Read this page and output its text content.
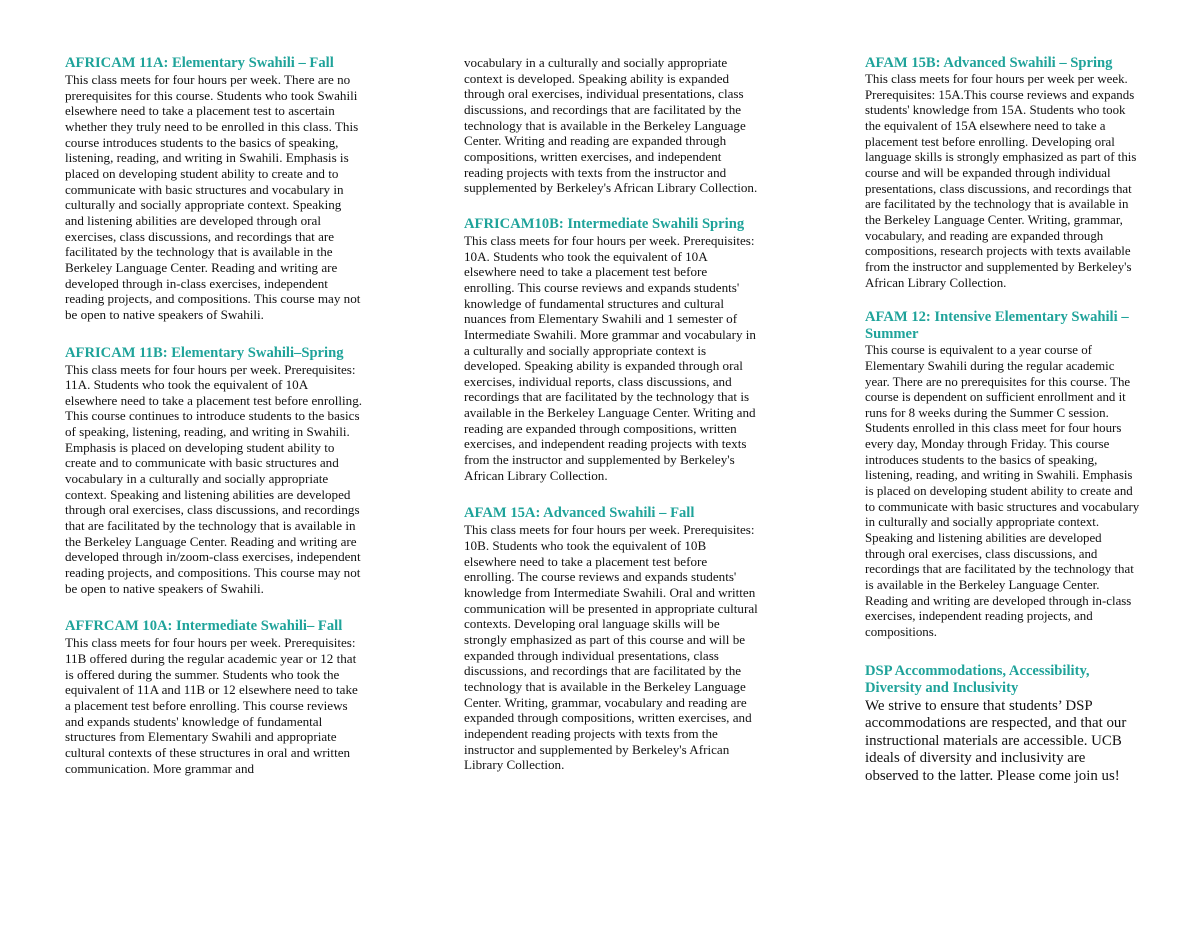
AFRICAM 11A: Elementary Swahili – Fall

This class meets for four hours per week. There are no prerequisites for this course. Students who took Swahili elsewhere need to take a placement test to ascertain whether they truly need to be enrolled in this class. This course introduces students to the basics of speaking, listening, reading, and writing in Swahili. Emphasis is placed on developing student ability to create and to communicate with basic structures and vocabulary in culturally and socially appropriate context. Speaking and listening abilities are developed through oral exercises, class discussions, and recordings that are facilitated by the technology that is available in the Berkeley Language Center. Reading and writing are developed through in-class exercises, independent reading projects, and compositions. This course may not be open to native speakers of Swahili.

AFRICAM 11B: Elementary Swahili–Spring

This class meets for four hours per week. Prerequisites: 11A. Students who took the equivalent of 10A elsewhere need to take a placement test before enrolling. This course continues to introduce students to the basics of speaking, listening, reading, and writing in Swahili. Emphasis is placed on developing student ability to create and to communicate with basic structures and vocabulary in a culturally and socially appropriate context. Speaking and listening abilities are developed through oral exercises, class discussions, and recordings that are facilitated by the technology that is available in the Berkeley Language Center. Reading and writing are developed through in/zoom-class exercises, independent reading projects, and compositions. This course may not be open to native speakers of Swahili.

AFFRCAM 10A: Intermediate Swahili– Fall

This class meets for four hours per week. Prerequisites: 11B offered during the regular academic year or 12 that is offered during the summer. Students who took the equivalent of 11A and 11B or 12 elsewhere need to take a placement test before enrolling. This course reviews and expands students' knowledge of fundamental structures from Elementary Swahili and appropriate cultural contexts of these structures in oral and written communication. More grammar and

vocabulary in a culturally and socially appropriate context is developed. Speaking ability is expanded through oral exercises, individual presentations, class discussions, and recordings that are facilitated by the technology that is available in the Berkeley Language Center. Writing and reading are expanded through compositions, written exercises, and independent reading projects with texts from the instructor and supplemented by Berkeley's African Library Collection.

AFRICAM10B: Intermediate Swahili Spring

This class meets for four hours per week. Prerequisites: 10A. Students who took the equivalent of 10A elsewhere need to take a placement test before enrolling. This course reviews and expands students' knowledge of fundamental structures and cultural nuances from Elementary Swahili and 1 semester of Intermediate Swahili. More grammar and vocabulary in a culturally and socially appropriate context is developed. Speaking ability is expanded through oral exercises, individual reports, class discussions, and recordings that are facilitated by the technology that is available in the Berkeley Language Center. Writing and reading are expanded through compositions, written exercises, and independent reading projects with texts from the instructor and supplemented by Berkeley's African Library Collection.

AFAM 15A: Advanced Swahili – Fall

This class meets for four hours per week. Prerequisites: 10B. Students who took the equivalent of 10B elsewhere need to take a placement test before enrolling. The course reviews and expands students' knowledge from Intermediate Swahili. Oral and written communication will be presented in appropriate cultural contexts. Developing oral language skills will be strongly emphasized as part of this course and will be expanded through individual presentations, class discussions, and recordings that are facilitated by the technology that is available in the Berkeley Language Center. Writing, grammar, vocabulary and reading are expanded through compositions, written exercises, and independent reading projects with texts from the instructor and supplemented by Berkeley's African Library Collection.

AFAM 15B: Advanced Swahili – Spring

This class meets for four hours per week per week. Prerequisites: 15A.This course reviews and expands students' knowledge from 15A. Students who took the equivalent of 15A elsewhere need to take a placement test before enrolling. Developing oral language skills is strongly emphasized as part of this course and will be expanded through individual presentations, class discussions, and recordings that are facilitated by the technology that is available in the Berkeley Language Center. Writing, grammar, vocabulary, and reading are expanded through compositions, research projects with texts available from the instructor and supplemented by Berkeley's African Library Collection.

AFAM 12: Intensive Elementary Swahili – Summer

This course is equivalent to a year course of Elementary Swahili during the regular academic year. There are no prerequisites for this course. The course is dependent on sufficient enrollment and it runs for 8 weeks during the Summer C session. Students enrolled in this class meet for four hours every day, Monday through Friday. This course introduces students to the basics of speaking, listening, reading, and writing in Swahili. Emphasis is placed on developing student ability to create and to communicate with basic structures and vocabulary in culturally and socially appropriate context. Speaking and listening abilities are developed through oral exercises, class discussions, and recordings that are facilitated by the technology that is available in the Berkeley Language Center. Reading and writing are developed through in-class exercises, independent reading projects, and compositions.

DSP Accommodations, Accessibility, Diversity and Inclusivity

We strive to ensure that students’ DSP accommodations are respected, and that our instructional materials are accessible. UCB ideals of diversity and inclusivity are observed to the latter. Please come join us!
